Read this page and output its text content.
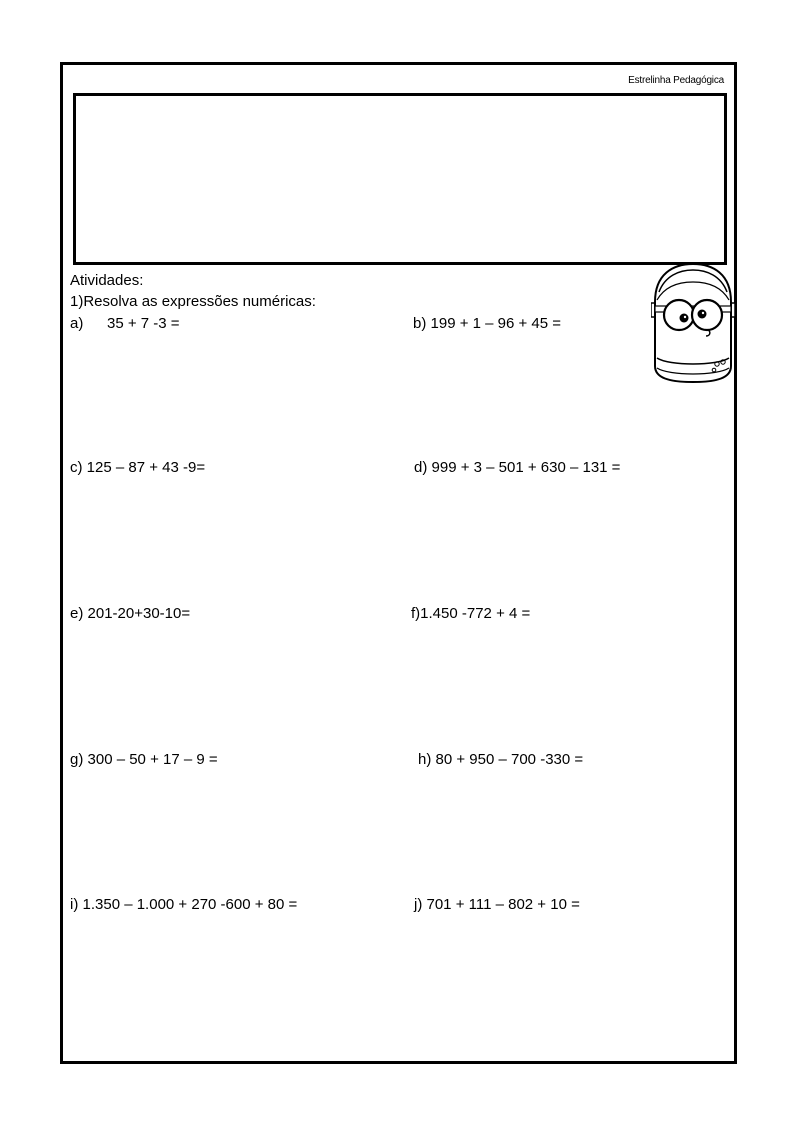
Estrelinha Pedagógica
Atividades:
1)Resolva as expressões numéricas:
a) 35 + 7 -3 =	b) 199 + 1 – 96 + 45 =
c) 125 – 87 + 43 -9=	d) 999 + 3 – 501 + 630 – 131 =
e) 201-20+30-10=	f)1.450 -772 + 4 =
g) 300 – 50 + 17 – 9 =	h) 80 + 950 – 700 -330 =
i) 1.350 – 1.000 + 270 -600 + 80 =	j) 701 + 111 – 802 + 10 =
